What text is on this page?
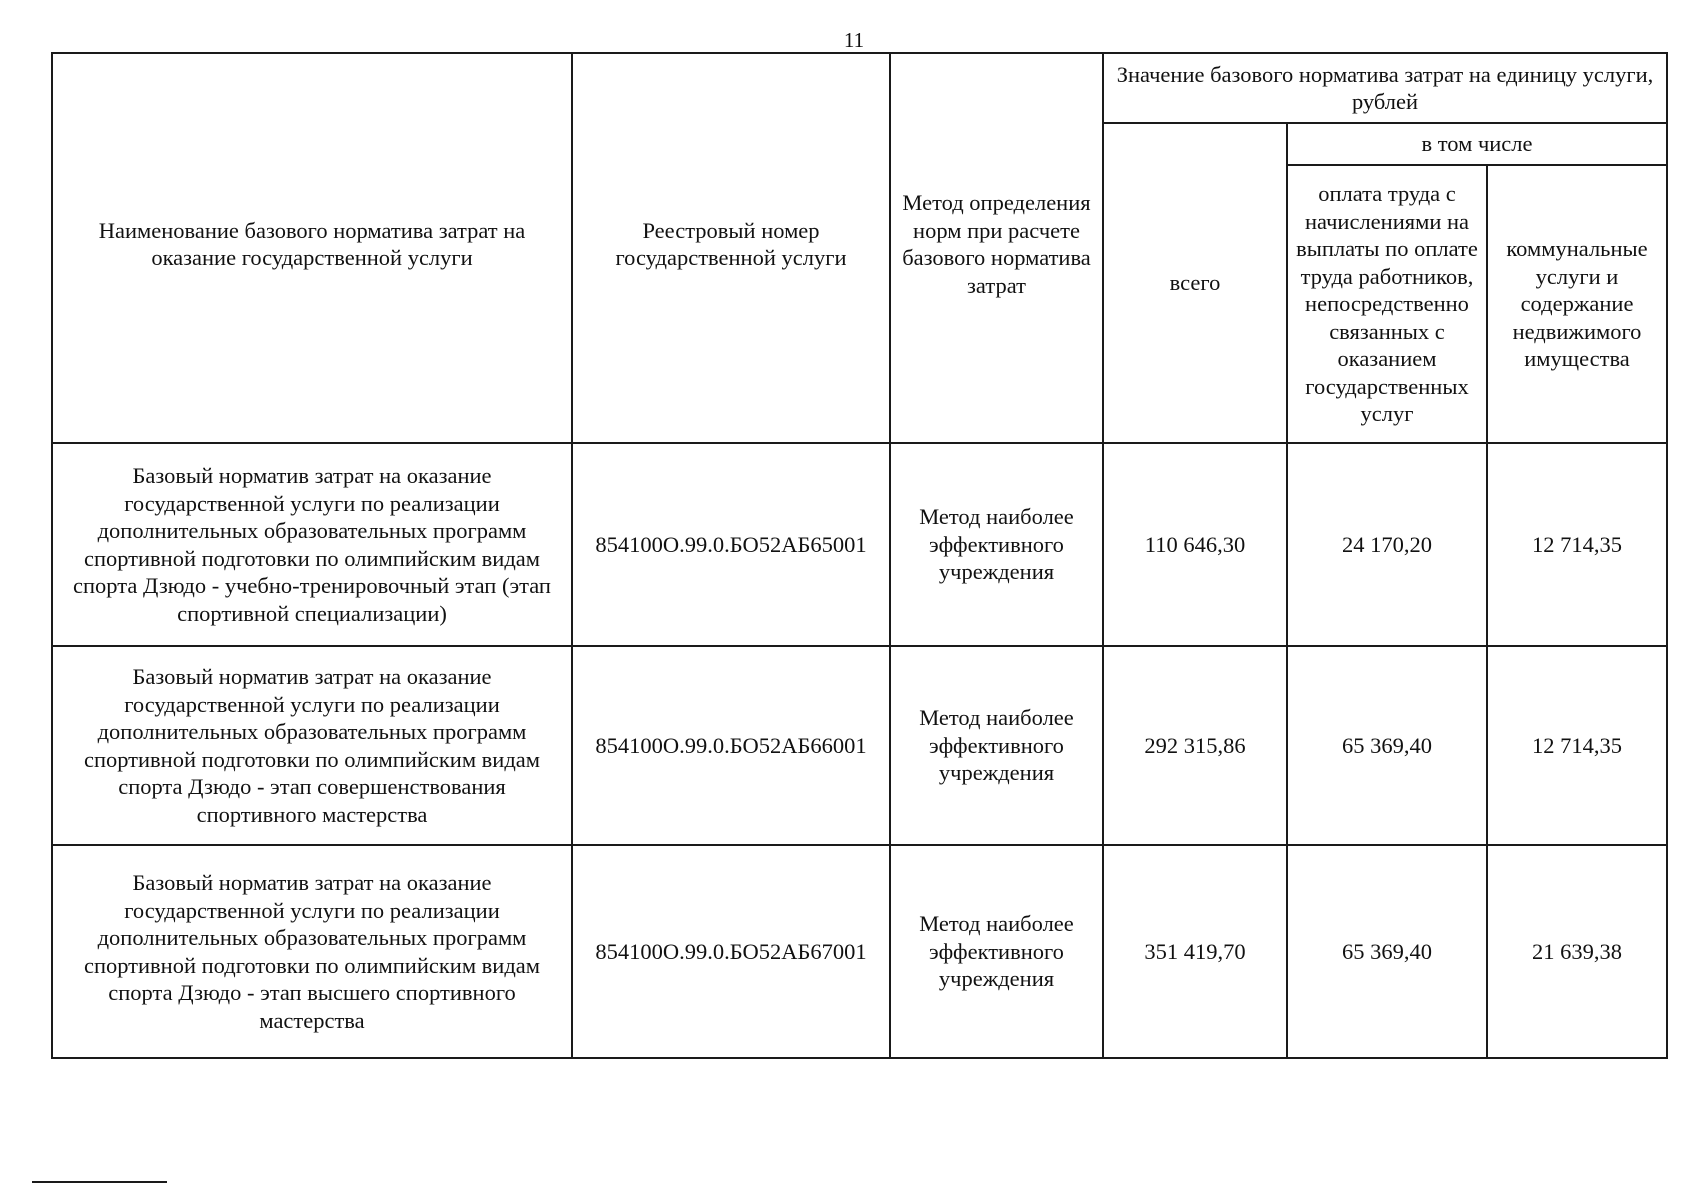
11
Наименование базового норматива затрат на оказание государственной услуги	Реестровый номер государственной услуги	Метод определения норм при расчете базового норматива затрат	Значение базового норматива затрат на единицу услуги, рублей		
			всего	в том числе	
				оплата труда с начислениями на выплаты по оплате труда работников, непосредственно связанных с оказанием государственных услуг	коммунальные услуги и содержание недвижимого имущества
Базовый норматив затрат на оказание государственной услуги по реализации дополнительных образовательных программ спортивной подготовки по олимпийским видам спорта Дзюдо - учебно-тренировочный этап (этап спортивной специализации)	854100О.99.0.БО52АБ65001	Метод наиболее эффективного учреждения	110 646,30	24 170,20	12 714,35
Базовый норматив затрат на оказание государственной услуги по реализации дополнительных образовательных программ спортивной подготовки по олимпийским видам спорта Дзюдо - этап совершенствования спортивного мастерства	854100О.99.0.БО52АБ66001	Метод наиболее эффективного учреждения	292 315,86	65 369,40	12 714,35
Базовый норматив затрат на оказание государственной услуги по реализации дополнительных образовательных программ спортивной подготовки по олимпийским видам спорта Дзюдо - этап высшего спортивного мастерства	854100О.99.0.БО52АБ67001	Метод наиболее эффективного учреждения	351 419,70	65 369,40	21 639,38
